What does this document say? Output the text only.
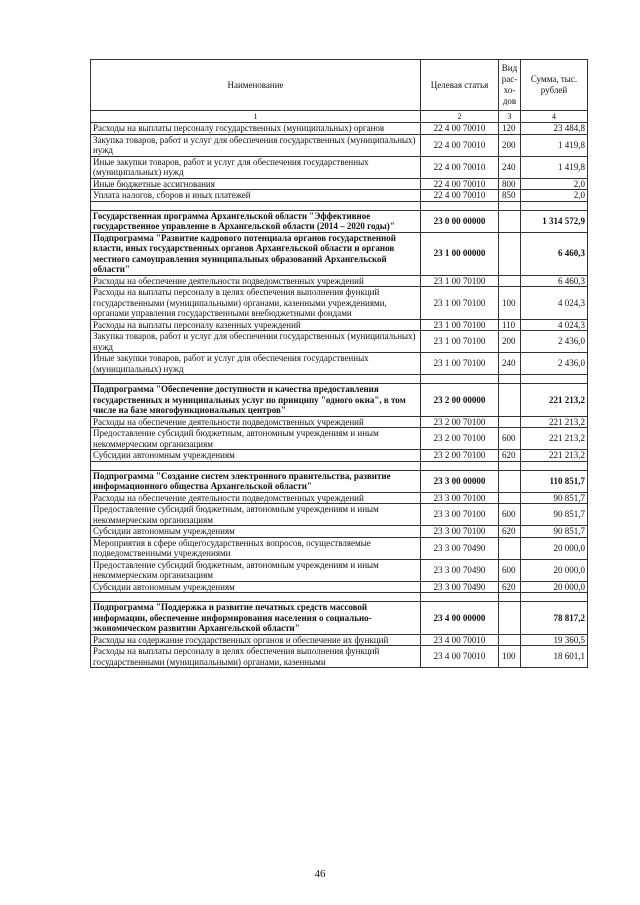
Наименование	Целевая статья	Вид рас-хо-дов	Сумма, тыс. рублей
1	2	3	4
Расходы на выплаты персоналу государственных (муниципальных) органов	22 4 00 70010	120	23 484,8
Закупка товаров, работ и услуг для обеспечения государственных (муниципальных) нужд	22 4 00 70010	200	1 419,8
Иные закупки товаров, работ и услуг для обеспечения государственных (муниципальных) нужд	22 4 00 70010	240	1 419,8
Иные бюджетные ассигнования	22 4 00 70010	800	2,0
Уплата налогов, сборов и иных платежей	22 4 00 70010	850	2,0

Государственная программа Архангельской области "Эффективное государственное управление в Архангельской области (2014 – 2020 годы)"	23 0 00 00000		1 314 572,9
Подпрограмма "Развитие кадрового потенциала органов государственной власти, иных государственных органов Архангельской области и органов местного самоуправления муниципальных образований Архангельской области"	23 1 00 00000		6 460,3
Расходы на обеспечение деятельности подведомственных учреждений	23 1 00 70100		6 460,3
Расходы на выплаты персоналу в целях обеспечения выполнения функций государственными (муниципальными) органами, казенными учреждениями, органами управления государственными внебюджетными фондами	23 1 00 70100	100	4 024,3
Расходы на выплаты персоналу казенных учреждений	23 1 00 70100	110	4 024,3
Закупка товаров, работ и услуг для обеспечения государственных (муниципальных) нужд	23 1 00 70100	200	2 436,0
Иные закупки товаров, работ и услуг для обеспечения государственных (муниципальных) нужд	23 1 00 70100	240	2 436,0

Подпрограмма "Обеспечение доступности и качества предоставления государственных и муниципальных услуг по принципу "одного окна", в том числе на базе многофункциональных центров"	23 2 00 00000		221 213,2
Расходы на обеспечение деятельности подведомственных учреждений	23 2 00 70100		221 213,2
Предоставление субсидий бюджетным, автономным учреждениям и иным некоммерческим организациям	23 2 00 70100	600	221 213,2
Субсидии автономным учреждениям	23 2 00 70100	620	221 213,2

Подпрограмма "Создание систем электронного правительства, развитие информационного общества Архангельской области"	23 3 00 00000		110 851,7
Расходы на обеспечение деятельности подведомственных учреждений	23 3 00 70100		90 851,7
Предоставление субсидий бюджетным, автономным учреждениям и иным некоммерческим организациям	23 3 00 70100	600	90 851,7
Субсидии автономным учреждениям	23 3 00 70100	620	90 851,7
Мероприятия в сфере общегосударственных вопросов, осуществляемые подведомственными учреждениями	23 3 00 70490		20 000,0
Предоставление субсидий бюджетным, автономным учреждениям и иным некоммерческим организациям	23 3 00 70490	600	20 000,0
Субсидии автономным учреждениям	23 3 00 70490	620	20 000,0

Подпрограмма "Поддержка и развитие печатных средств массовой информации, обеспечение информирования населения о социально-экономическом развитии Архангельской области"	23 4 00 00000		78 817,2
Расходы на содержание государственных органов и обеспечение их функций	23 4 00 70010		19 360,5
Расходы на выплаты персоналу в целях обеспечения выполнения функций государственными (муниципальными) органами, казенными	23 4 00 70010	100	18 601,1
46
